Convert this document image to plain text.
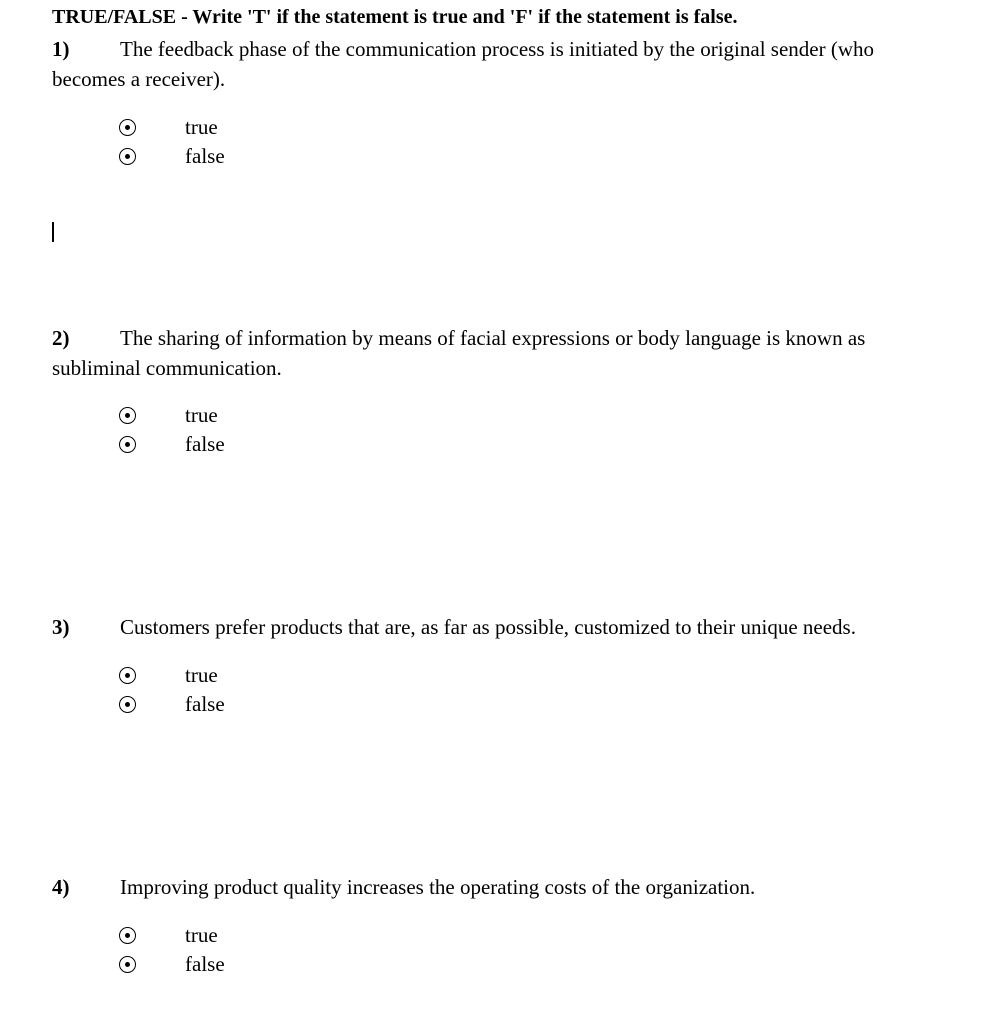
TRUE/FALSE - Write 'T' if the statement is true and 'F' if the statement is false.
1) The feedback phase of the communication process is initiated by the original sender (who
becomes a receiver).
true
false
2) The sharing of information by means of facial expressions or body language is known as
subliminal communication.
true
false
3) Customers prefer products that are, as far as possible, customized to their unique needs.
true
false
4) Improving product quality increases the operating costs of the organization.
true
false
